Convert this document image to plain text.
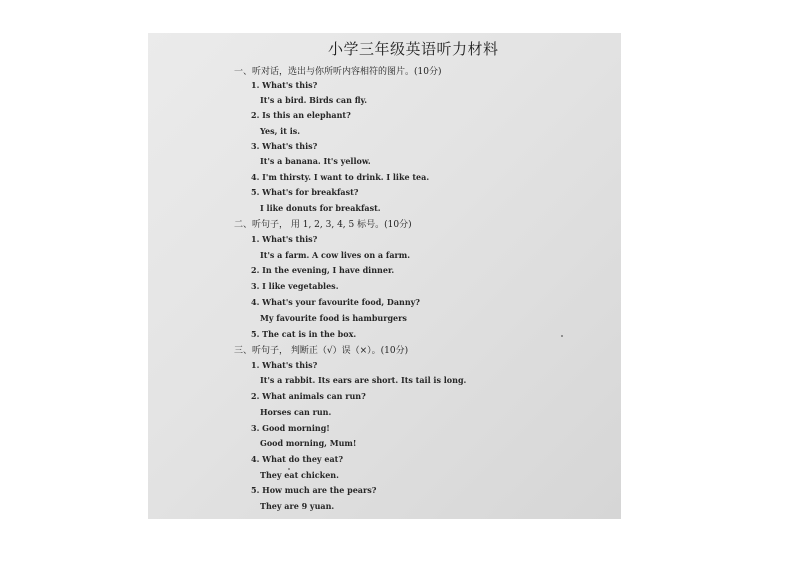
小学三年级英语听力材料
一、听对话，选出与你所听内容相符的图片。(10分)
1. What's this?
It's a bird. Birds can fly.
2. Is this an elephant?
Yes, it is.
3. What's this?
It's a banana. It's yellow.
4. I'm thirsty. I want to drink. I like tea.
5. What's for breakfast?
I like donuts for breakfast.
二、听句子， 用 1, 2, 3, 4, 5 标号。(10分)
1. What's this?
It's a farm. A cow lives on a farm.
2. In the evening, I have dinner.
3. I like vegetables.
4. What's your favourite food, Danny?
My favourite food is hamburgers
5. The cat is in the box.
三、听句子， 判断正（√）误（×）。(10分)
1. What's this?
It's a rabbit. Its ears are short. Its tail is long.
2. What animals can run?
Horses can run.
3. Good morning!
Good morning, Mum!
4. What do they eat?
They eat chicken.
5. How much are the pears?
They are 9 yuan.
